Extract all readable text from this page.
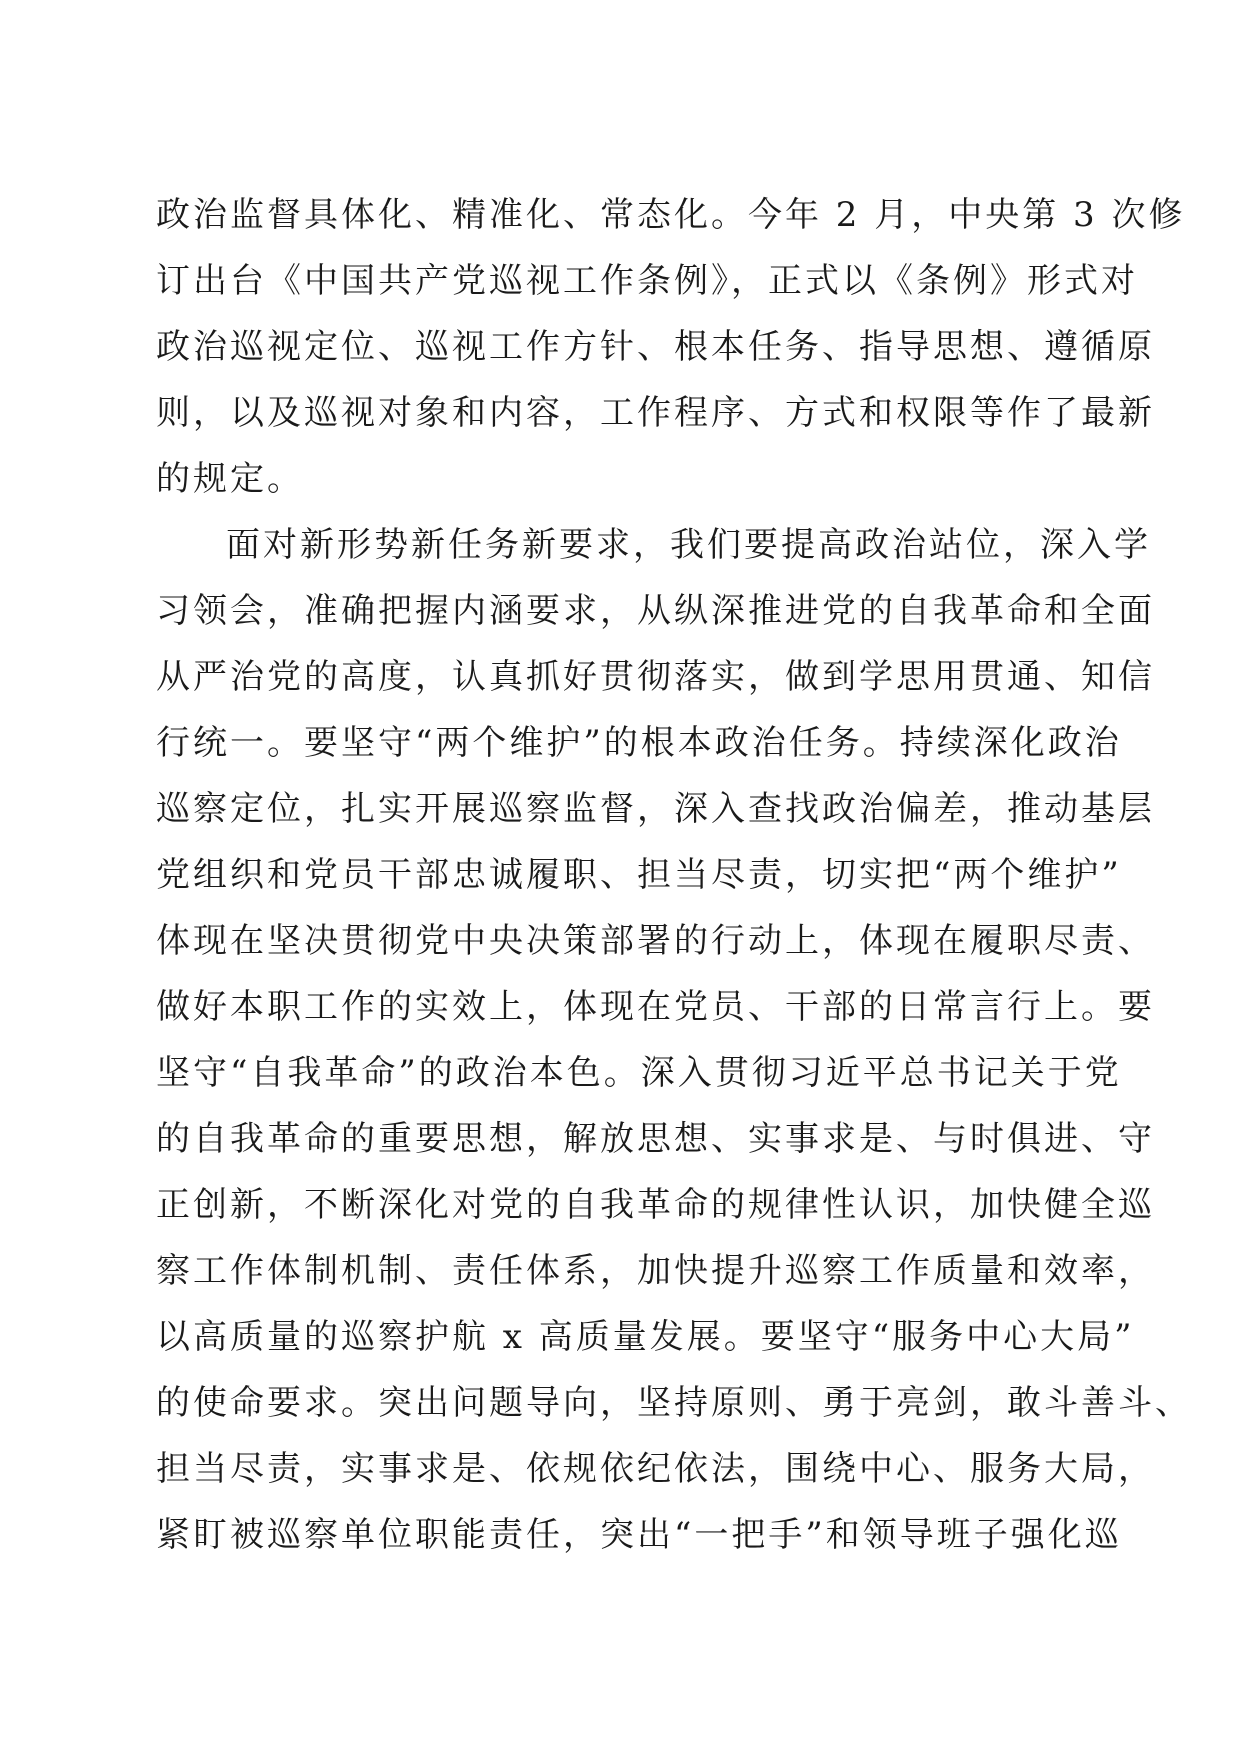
政治监督具体化、精准化、常态化。今年 2 月，中央第 3 次修
订出台《中国共产党巡视工作条例》，正式以《条例》形式对
政治巡视定位、巡视工作方针、根本任务、指导思想、遵循原
则，以及巡视对象和内容，工作程序、方式和权限等作了最新
的规定。
面对新形势新任务新要求，我们要提高政治站位，深入学
习领会，准确把握内涵要求，从纵深推进党的自我革命和全面
从严治党的高度，认真抓好贯彻落实，做到学思用贯通、知信
行统一。要坚守“两个维护”的根本政治任务。持续深化政治
巡察定位，扎实开展巡察监督，深入查找政治偏差，推动基层
党组织和党员干部忠诚履职、担当尽责，切实把“两个维护”
体现在坚决贯彻党中央决策部署的行动上，体现在履职尽责、
做好本职工作的实效上，体现在党员、干部的日常言行上。要
坚守“自我革命”的政治本色。深入贯彻习近平总书记关于党
的自我革命的重要思想，解放思想、实事求是、与时俱进、守
正创新，不断深化对党的自我革命的规律性认识，加快健全巡
察工作体制机制、责任体系，加快提升巡察工作质量和效率，
以高质量的巡察护航 x 高质量发展。要坚守“服务中心大局”
的使命要求。突出问题导向，坚持原则、勇于亮剑，敢斗善斗、
担当尽责，实事求是、依规依纪依法，围绕中心、服务大局，
紧盯被巡察单位职能责任，突出“一把手”和领导班子强化巡
